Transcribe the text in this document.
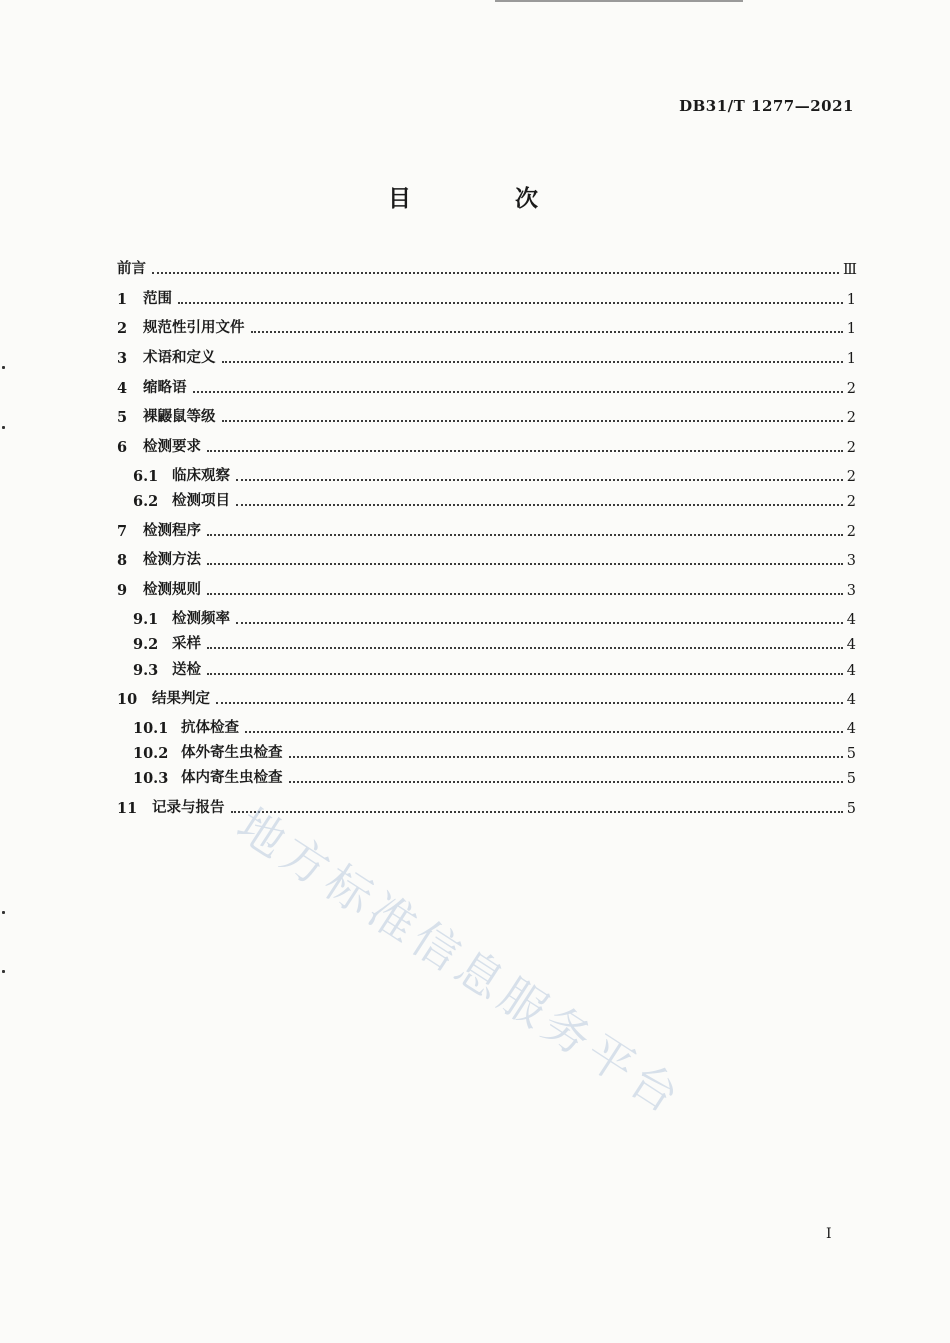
DB31/T 1277—2021
目 次
前言	Ⅲ
1	范围	1
2	规范性引用文件	1
3	术语和定义	1
4	缩略语	2
5	裸鼹鼠等级	2
6	检测要求	2
6.1 临床观察	2
6.2 检测项目	2
7	检测程序	2
8	检测方法	3
9	检测规则	3
9.1 检测频率	4
9.2 采样	4
9.3 送检	4
10	结果判定	4
10.1 抗体检查	4
10.2 体外寄生虫检查	5
10.3 体内寄生虫检查	5
11	记录与报告	5
地方标准信息服务平台
I
